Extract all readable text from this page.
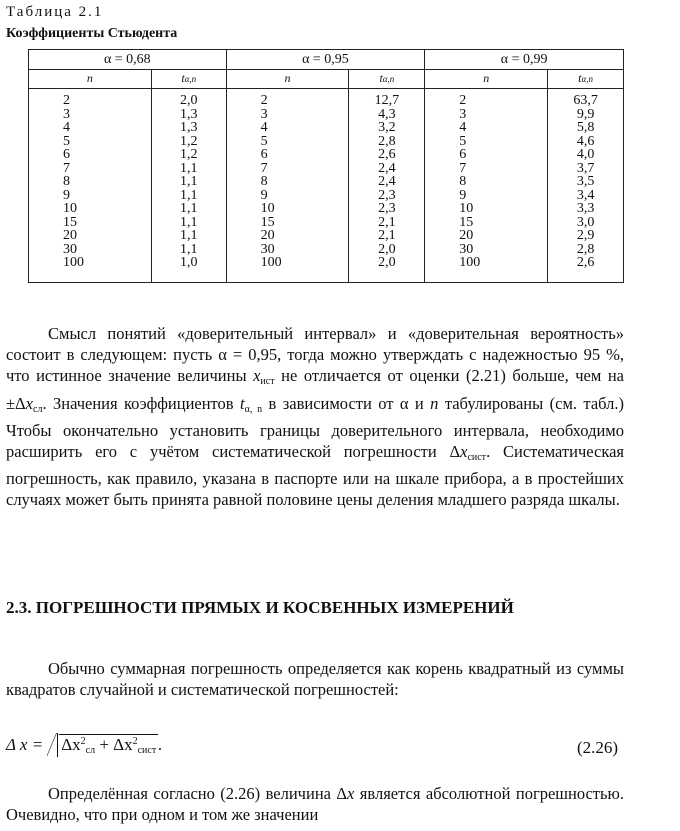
Таблица 2.1
Коэффициенты Стьюдента
α = 0,68		α = 0,95		α = 0,99	
n	tα,n	n	tα,n	n	tα,n
2	2,0	2	12,7	2	63,7
3	1,3	3	4,3	3	9,9
4	1,3	4	3,2	4	5,8
5	1,2	5	2,8	5	4,6
6	1,2	6	2,6	6	4,0
7	1,1	7	2,4	7	3,7
8	1,1	8	2,4	8	3,5
9	1,1	9	2,3	9	3,4
10	1,1	10	2,3	10	3,3
15	1,1	15	2,1	15	3,0
20	1,1	20	2,1	20	2,9
30	1,1	30	2,0	30	2,8
100	1,0	100	2,0	100	2,6

Смысл понятий «доверительный интервал» и «доверительная вероятность» состоит в следующем: пусть α = 0,95, тогда можно утверждать с надежностью 95 %, что истинное значение величины $x_{ист}$ не отличается от оценки (2.21) больше, чем на $\pm\Delta x_{сл}$. Значения коэффициентов $t_{\alpha, n}$ в зависимости от α и n табулированы (см. табл.) Чтобы окончательно установить границы доверительного интервала, необходимо расширить его с учётом систематической погрешности $\Delta x_{сист}$. Систематическая погрешность, как правило, указана в паспорте или на шкале прибора, а в простейших случаях может быть принята равной половине цены деления младшего разряда шкалы.

2.3. ПОГРЕШНОСТИ ПРЯМЫХ И КОСВЕННЫХ ИЗМЕРЕНИЙ

Обычно суммарная погрешность определяется как корень квадратный из суммы квадратов случайной и систематической погрешностей:

Δ $x = \Delta x^2_{сл} + \Delta x^2_{сист}$ .	(2.26)

Определённая согласно (2.26) величина Δx является абсолютной погрешностью. Очевидно, что при одном и том же значении
